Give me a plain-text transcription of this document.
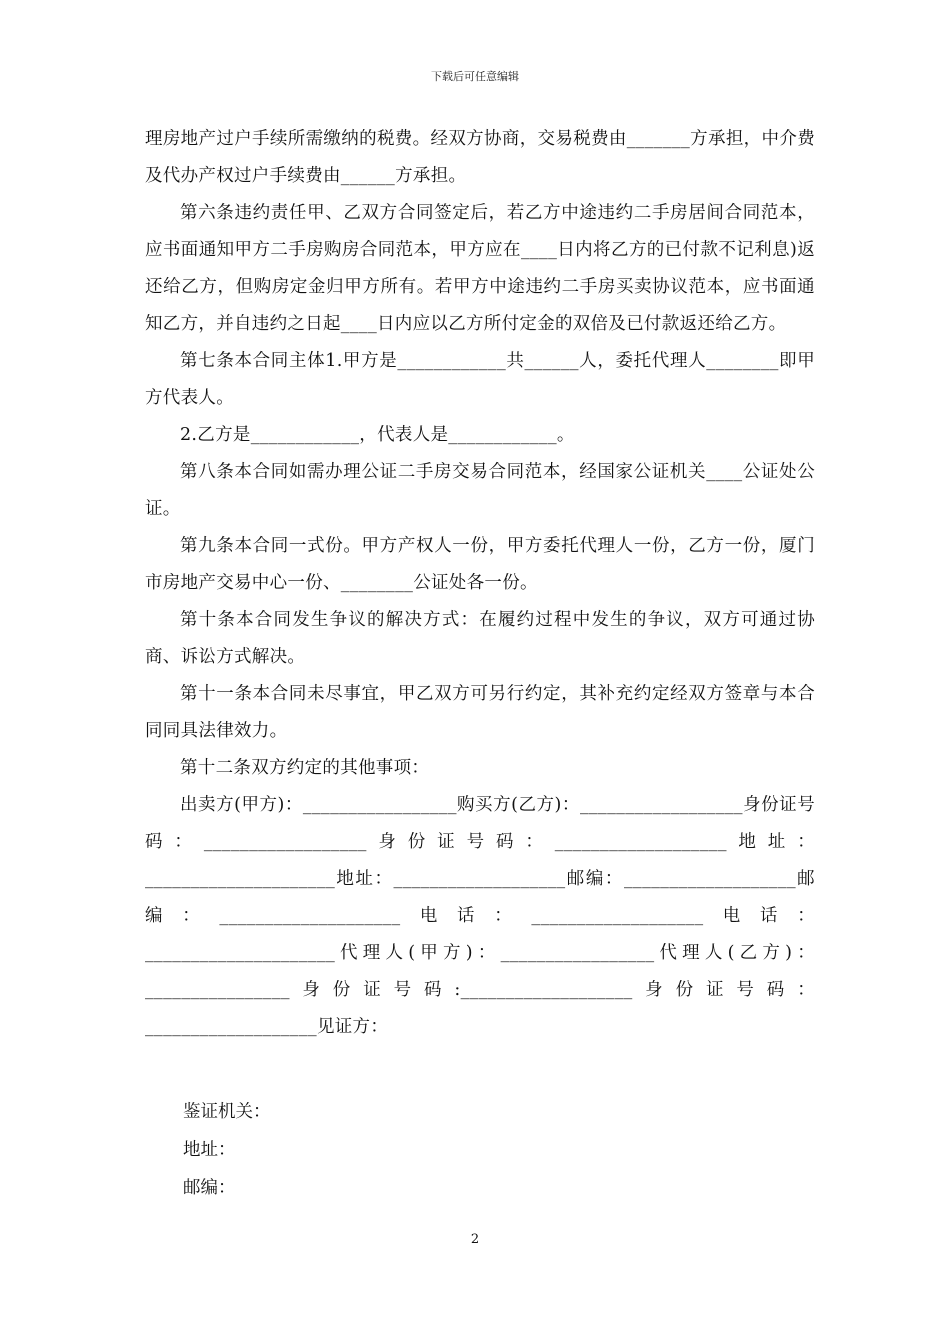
下载后可任意编辑

理房地产过户手续所需缴纳的税费。经双方协商，交易税费由_______方承担，中介费及代办产权过户手续费由______方承担。

第六条违约责任甲、乙双方合同签定后，若乙方中途违约二手房居间合同范本，应书面通知甲方二手房购房合同范本，甲方应在____日内将乙方的已付款不记利息)返还给乙方，但购房定金归甲方所有。若甲方中途违约二手房买卖协议范本，应书面通知乙方，并自违约之日起____日内应以乙方所付定金的双倍及已付款返还给乙方。

第七条本合同主体1.甲方是____________共______人，委托代理人________即甲方代表人。

2.乙方是____________，代表人是____________。

第八条本合同如需办理公证二手房交易合同范本，经国家公证机关____公证处公证。

第九条本合同一式份。甲方产权人一份，甲方委托代理人一份，乙方一份，厦门市房地产交易中心一份、________公证处各一份。

第十条本合同发生争议的解决方式：在履约过程中发生的争议，双方可通过协商、诉讼方式解决。

第十一条本合同未尽事宜，甲乙双方可另行约定，其补充约定经双方签章与本合同同具法律效力。

第十二条双方约定的其他事项：

出卖方(甲方)：_________________购买方(乙方)：__________________身份证号码：__________________身份证号码：___________________地址：_____________________地址：___________________邮编：___________________邮编：____________________电话：___________________电话：_____________________代理人(甲方)：_________________代理人(乙方)：________________身份证号码:___________________身份证号码：___________________见证方：

鉴证机关：
地址：
邮编：
2
